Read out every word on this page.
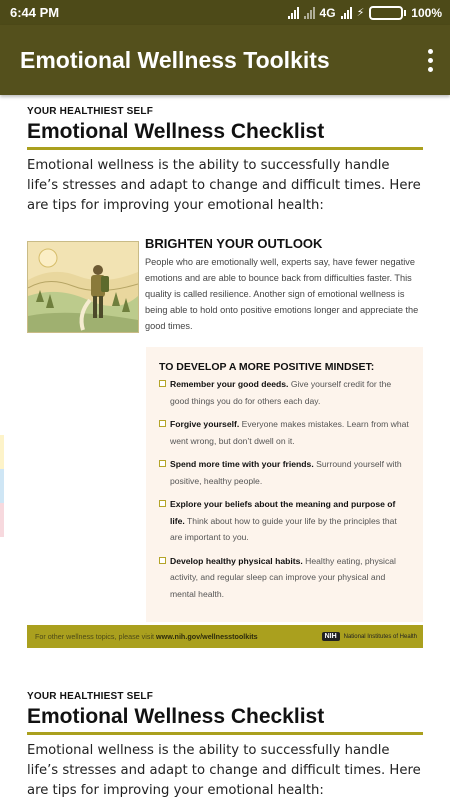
6:44 PM	4G ⚡	100%
Emotional Wellness Toolkits
YOUR HEALTHIEST SELF
Emotional Wellness Checklist

Emotional wellness is the ability to successfully handle life’s stresses and adapt to change and difficult times. Here are tips for improving your emotional health:

BRIGHTEN YOUR OUTLOOK

People who are emotionally well, experts say, have fewer negative emotions and are able to bounce back from difficulties faster. This quality is called resilience. Another sign of emotional wellness is being able to hold onto positive emotions longer and appreciate the good times.

TO DEVELOP A MORE POSITIVE MINDSET:
Remember your good deeds. Give yourself credit for the good things you do for others each day.
Forgive yourself. Everyone makes mistakes. Learn from what went wrong, but don’t dwell on it.
Spend more time with your friends. Surround yourself with positive, healthy people.
Explore your beliefs about the meaning and purpose of life. Think about how to guide your life by the principles that are important to you.
Develop healthy physical habits. Healthy eating, physical activity, and regular sleep can improve your physical and mental health.
For other wellness topics, please visit www.nih.gov/wellnesstoolkits	NIH	National Institutes of Health
YOUR HEALTHIEST SELF
Emotional Wellness Checklist

Emotional wellness is the ability to successfully handle life’s stresses and adapt to change and difficult times. Here are tips for improving your emotional health:
